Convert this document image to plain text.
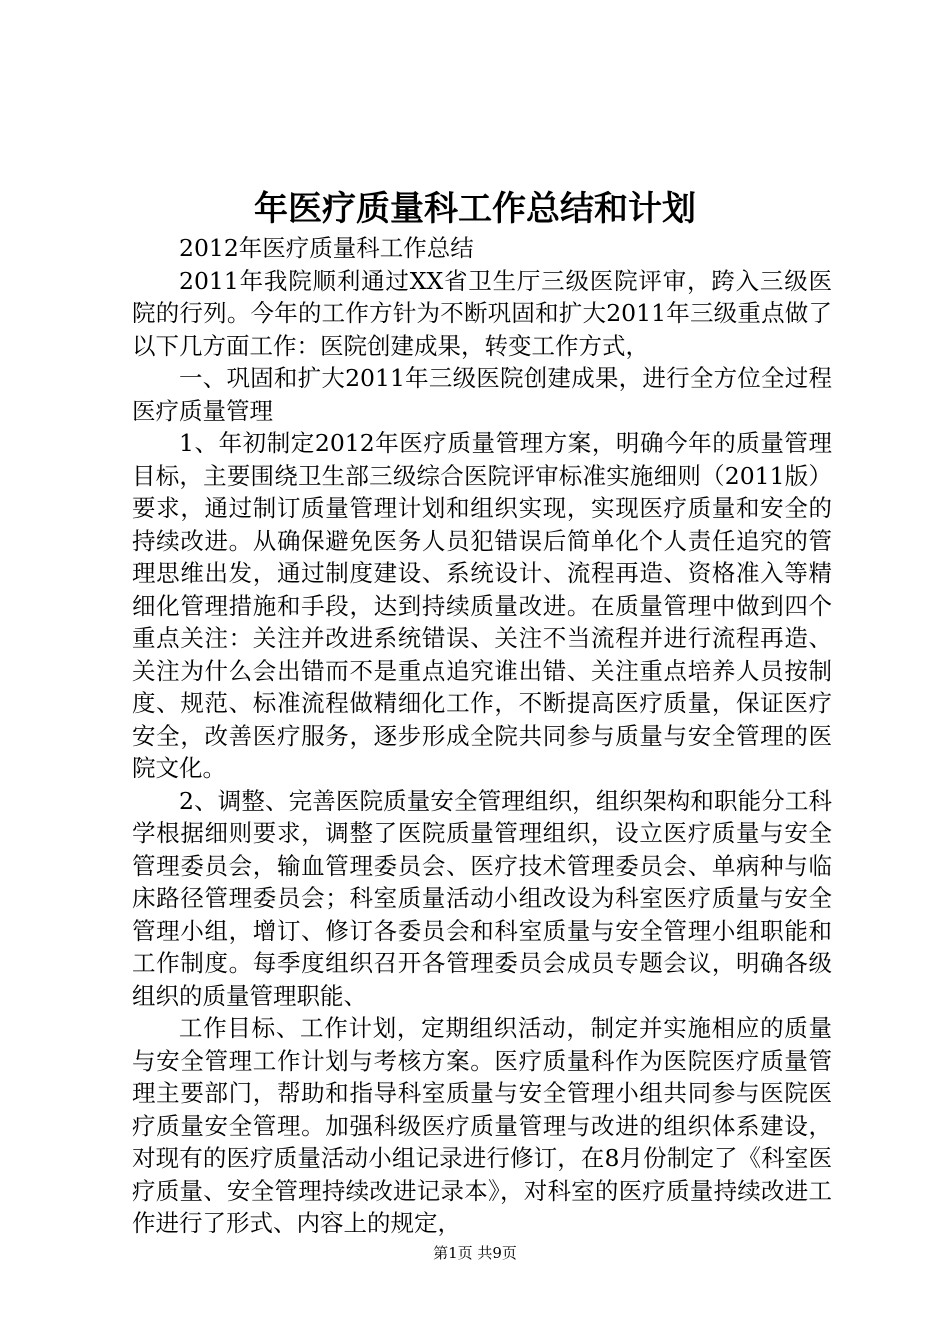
年医疗质量科工作总结和计划

2012年医疗质量科工作总结

2011年我院顺利通过XX省卫生厅三级医院评审，跨入三级医院的行列。今年的工作方针为不断巩固和扩大2011年三级重点做了以下几方面工作：医院创建成果，转变工作方式，

一、巩固和扩大2011年三级医院创建成果，进行全方位全过程医疗质量管理

1、年初制定2012年医疗质量管理方案，明确今年的质量管理目标，主要围绕卫生部三级综合医院评审标准实施细则（2011版）要求，通过制订质量管理计划和组织实现，实现医疗质量和安全的持续改进。从确保避免医务人员犯错误后简单化个人责任追究的管理思维出发，通过制度建设、系统设计、流程再造、资格准入等精细化管理措施和手段，达到持续质量改进。在质量管理中做到四个重点关注：关注并改进系统错误、关注不当流程并进行流程再造、关注为什么会出错而不是重点追究谁出错、关注重点培养人员按制度、规范、标准流程做精细化工作，不断提高医疗质量，保证医疗安全，改善医疗服务，逐步形成全院共同参与质量与安全管理的医院文化。

2、调整、完善医院质量安全管理组织，组织架构和职能分工科学根据细则要求，调整了医院质量管理组织，设立医疗质量与安全管理委员会，输血管理委员会、医疗技术管理委员会、单病种与临床路径管理委员会；科室质量活动小组改设为科室医疗质量与安全管理小组，增订、修订各委员会和科室质量与安全管理小组职能和工作制度。每季度组织召开各管理委员会成员专题会议，明确各级组织的质量管理职能、

工作目标、工作计划，定期组织活动，制定并实施相应的质量与安全管理工作计划与考核方案。医疗质量科作为医院医疗质量管理主要部门，帮助和指导科室质量与安全管理小组共同参与医院医疗质量安全管理。加强科级医疗质量管理与改进的组织体系建设，对现有的医疗质量活动小组记录进行修订，在8月份制定了《科室医疗质量、安全管理持续改进记录本》，对科室的医疗质量持续改进工作进行了形式、内容上的规定，

第1页 共9页
